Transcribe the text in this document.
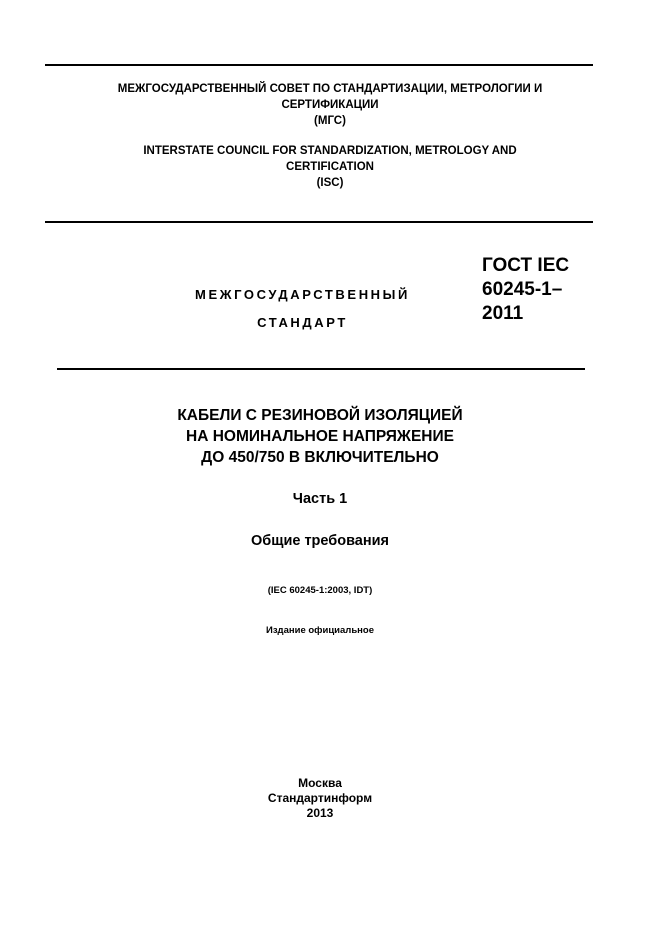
МЕЖГОСУДАРСТВЕННЫЙ СОВЕТ ПО СТАНДАРТИЗАЦИИ, МЕТРОЛОГИИ И
СЕРТИФИКАЦИИ
(МГС)
INTERSTATE COUNCIL FOR STANDARDIZATION, METROLOGY AND
CERTIFICATION
(ISC)
МЕЖГОСУДАРСТВЕННЫЙ
СТАНДАРТ
ГОСТ IEC
60245-1–
2011
КАБЕЛИ С РЕЗИНОВОЙ ИЗОЛЯЦИЕЙ
НА НОМИНАЛЬНОЕ НАПРЯЖЕНИЕ
ДО 450/750 В ВКЛЮЧИТЕЛЬНО
Часть 1
Общие требования
(IEC 60245-1:2003, IDT)
Издание официальное
Москва
Стандартинформ
2013
